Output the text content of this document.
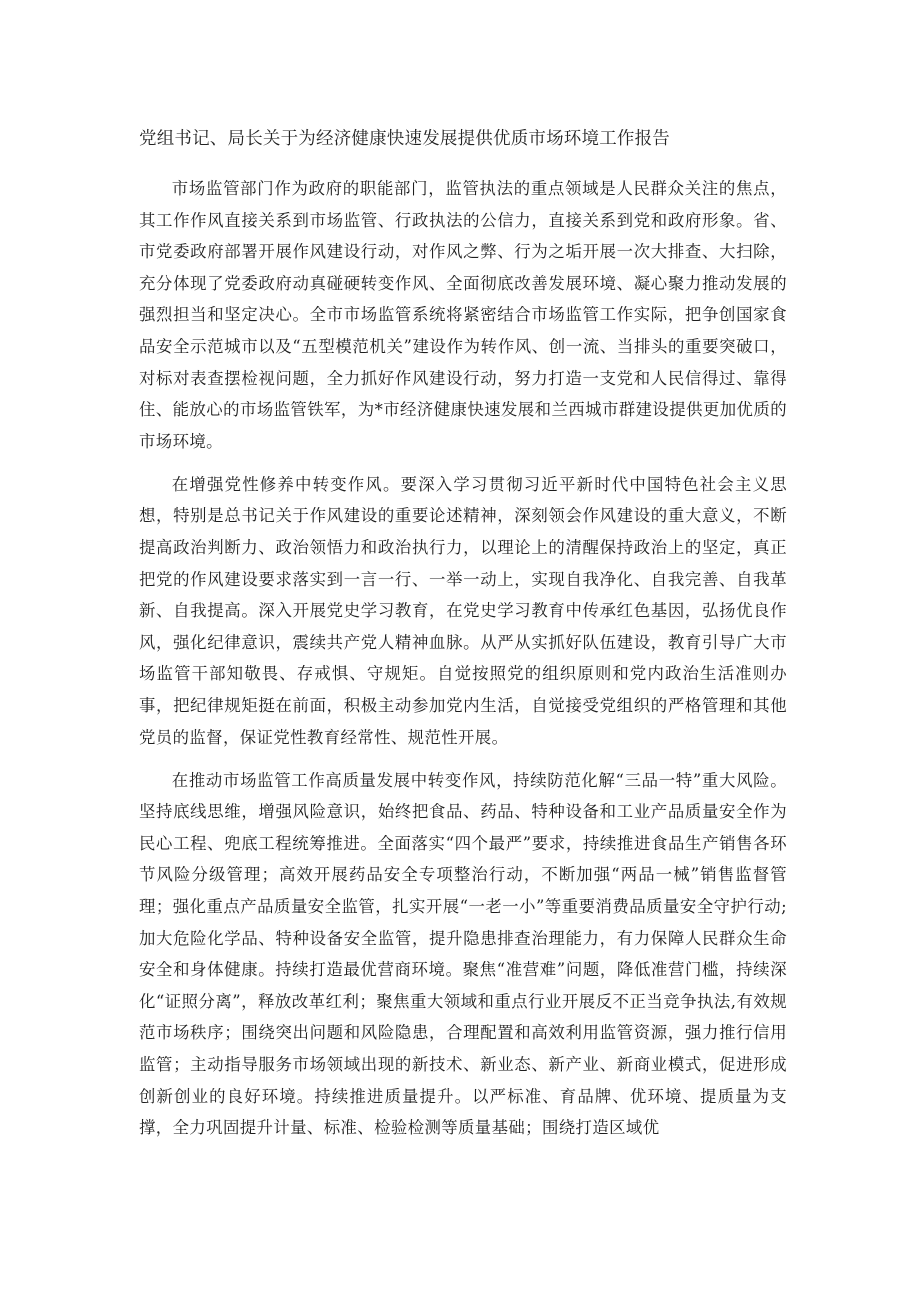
党组书记、局长关于为经济健康快速发展提供优质市场环境工作报告

市场监管部门作为政府的职能部门，监管执法的重点领域是人民群众关注的焦点，其工作作风直接关系到市场监管、行政执法的公信力，直接关系到党和政府形象。省、市党委政府部署开展作风建设行动，对作风之弊、行为之垢开展一次大排查、大扫除，充分体现了党委政府动真碰硬转变作风、全面彻底改善发展环境、凝心聚力推动发展的强烈担当和坚定决心。全市市场监管系统将紧密结合市场监管工作实际，把争创国家食品安全示范城市以及“五型模范机关”建设作为转作风、创一流、当排头的重要突破口，对标对表查摆检视问题，全力抓好作风建设行动，努力打造一支党和人民信得过、靠得住、能放心的市场监管铁军，为*市经济健康快速发展和兰西城市群建设提供更加优质的市场环境。

在增强党性修养中转变作风。要深入学习贯彻习近平新时代中国特色社会主义思想，特别是总书记关于作风建设的重要论述精神，深刻领会作风建设的重大意义，不断提高政治判断力、政治领悟力和政治执行力，以理论上的清醒保持政治上的坚定，真正把党的作风建设要求落实到一言一行、一举一动上，实现自我净化、自我完善、自我革新、自我提高。深入开展党史学习教育，在党史学习教育中传承红色基因，弘扬优良作风，强化纪律意识，震续共产党人精神血脉。从严从实抓好队伍建设，教育引导广大市场监管干部知敬畏、存戒惧、守规矩。自觉按照党的组织原则和党内政治生活准则办事，把纪律规矩挺在前面，积极主动参加党内生活，自觉接受党组织的严格管理和其他党员的监督，保证党性教育经常性、规范性开展。

在推动市场监管工作高质量发展中转变作风，持续防范化解“三品一特”重大风险。坚持底线思维，增强风险意识，始终把食品、药品、特种设备和工业产品质量安全作为民心工程、兜底工程统筹推进。全面落实“四个最严”要求，持续推进食品生产销售各环节风险分级管理；高效开展药品安全专项整治行动，不断加强“两品一械”销售监督管理；强化重点产品质量安全监管，扎实开展“一老一小”等重要消费品质量安全守护行动;加大危险化学品、特种设备安全监管，提升隐患排查治理能力，有力保障人民群众生命安全和身体健康。持续打造最优营商环境。聚焦“准营难”问题，降低准营门槛，持续深化“证照分离”，释放改革红利；聚焦重大领域和重点行业开展反不正当竞争执法,有效规范市场秩序；围绕突出问题和风险隐患，合理配置和高效利用监管资源，强力推行信用监管；主动指导服务市场领域出现的新技术、新业态、新产业、新商业模式，促进形成创新创业的良好环境。持续推进质量提升。以严标准、育品牌、优环境、提质量为支撑，全力巩固提升计量、标准、检验检测等质量基础；围绕打造区域优
